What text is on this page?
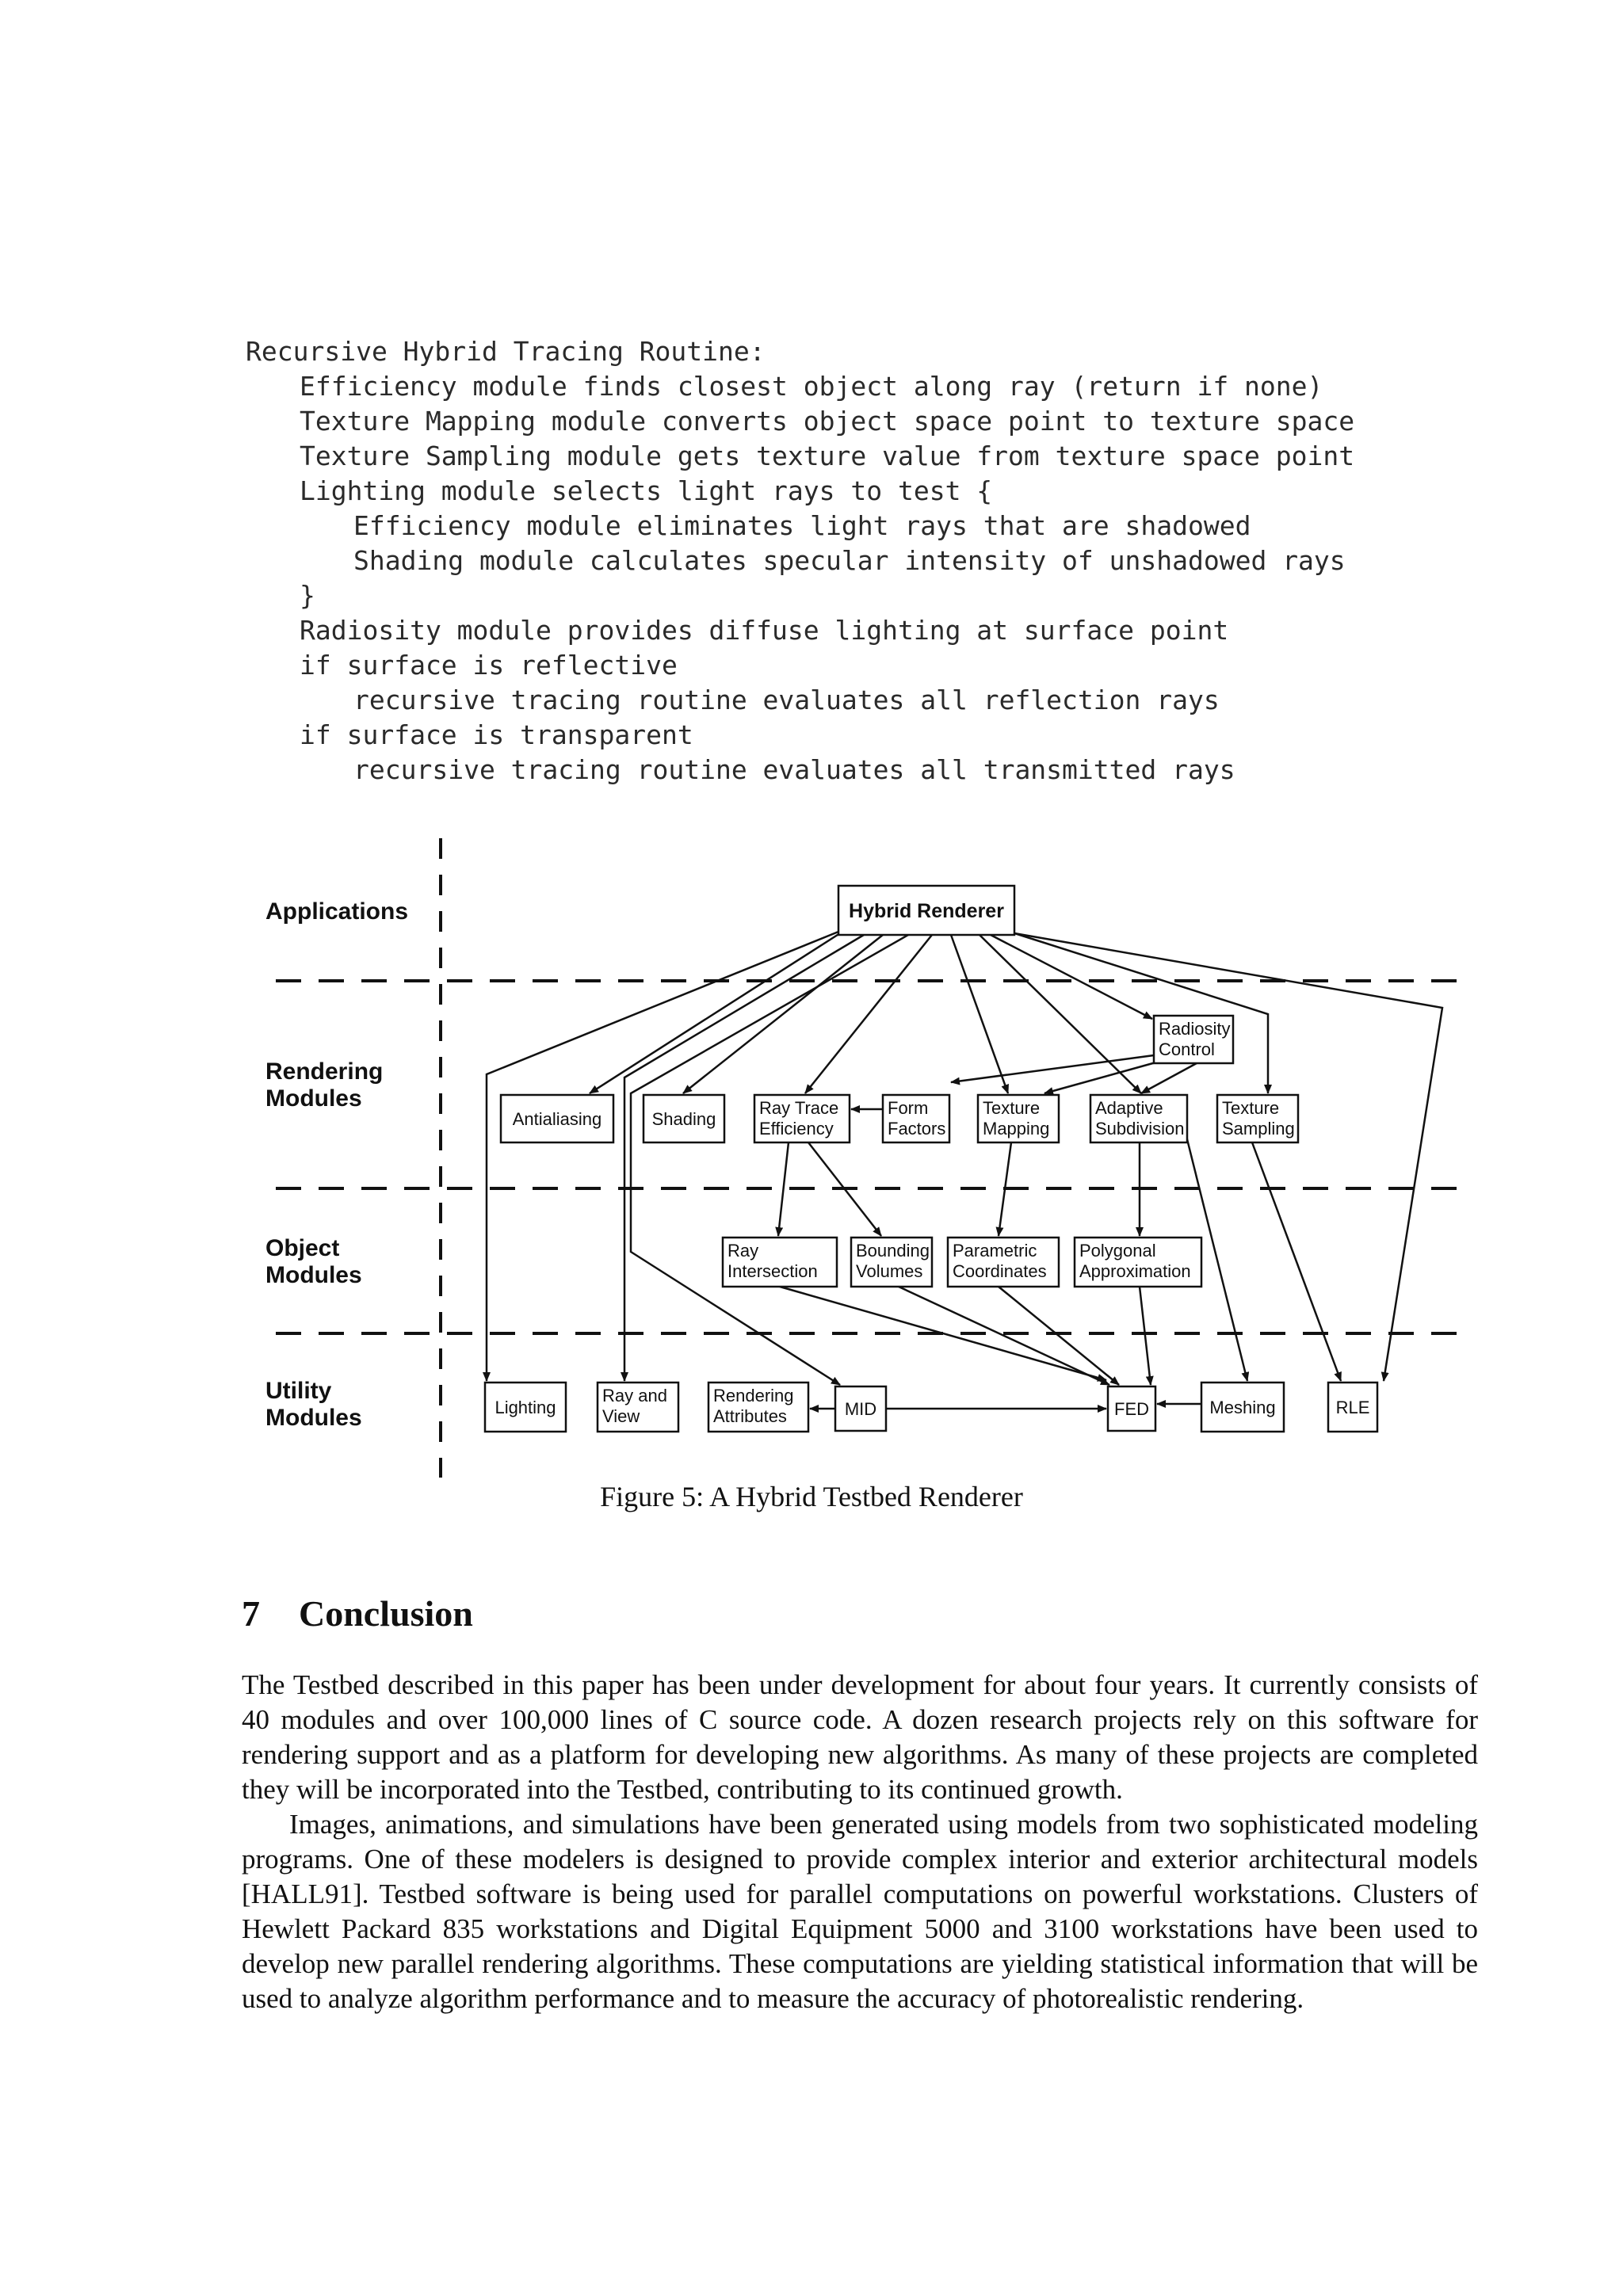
Recursive Hybrid Tracing Routine:
Efficiency module finds closest object along ray (return if none)
Texture Mapping module converts object space point to texture space
Texture Sampling module gets texture value from texture space point
Lighting module selects light rays to test {
Efficiency module eliminates light rays that are shadowed
Shading module calculates specular intensity of unshadowed rays
}
Radiosity module provides diffuse lighting at surface point
if surface is reflective
recursive tracing routine evaluates all reflection rays
if surface is transparent
recursive tracing routine evaluates all transmitted rays
Applications
Rendering
Modules
Object
Modules
Utility
Modules
Hybrid Renderer
Radiosity
Control
Antialiasing	Shading
Ray Trace
Efficiency
Form
Factors
Texture
Mapping
Adaptive
Subdivision
Texture
Sampling
Ray
Intersection
Bounding
Volumes
Parametric
Coordinates
Polygonal
Approximation
Lighting
Ray and
View
Rendering
Attributes	MID	FED	Meshing	RLE
Figure 5: A Hybrid Testbed Renderer
7 Conclusion

The Testbed described in this paper has been under development for about four years. It currently consists of 40 modules and over 100,000 lines of C source code. A dozen research projects rely on this software for rendering support and as a platform for developing new algorithms. As many of these projects are completed they will be incorporated into the Testbed, contributing to its continued growth.

Images, animations, and simulations have been generated using models from two sophisticated modeling programs. One of these modelers is designed to provide complex interior and exterior architectural models [HALL91]. Testbed software is being used for parallel computations on powerful workstations. Clusters of Hewlett Packard 835 workstations and Digital Equipment 5000 and 3100 workstations have been used to develop new parallel rendering algorithms. These computations are yielding statistical information that will be used to analyze algorithm performance and to measure the accuracy of photorealistic rendering.
